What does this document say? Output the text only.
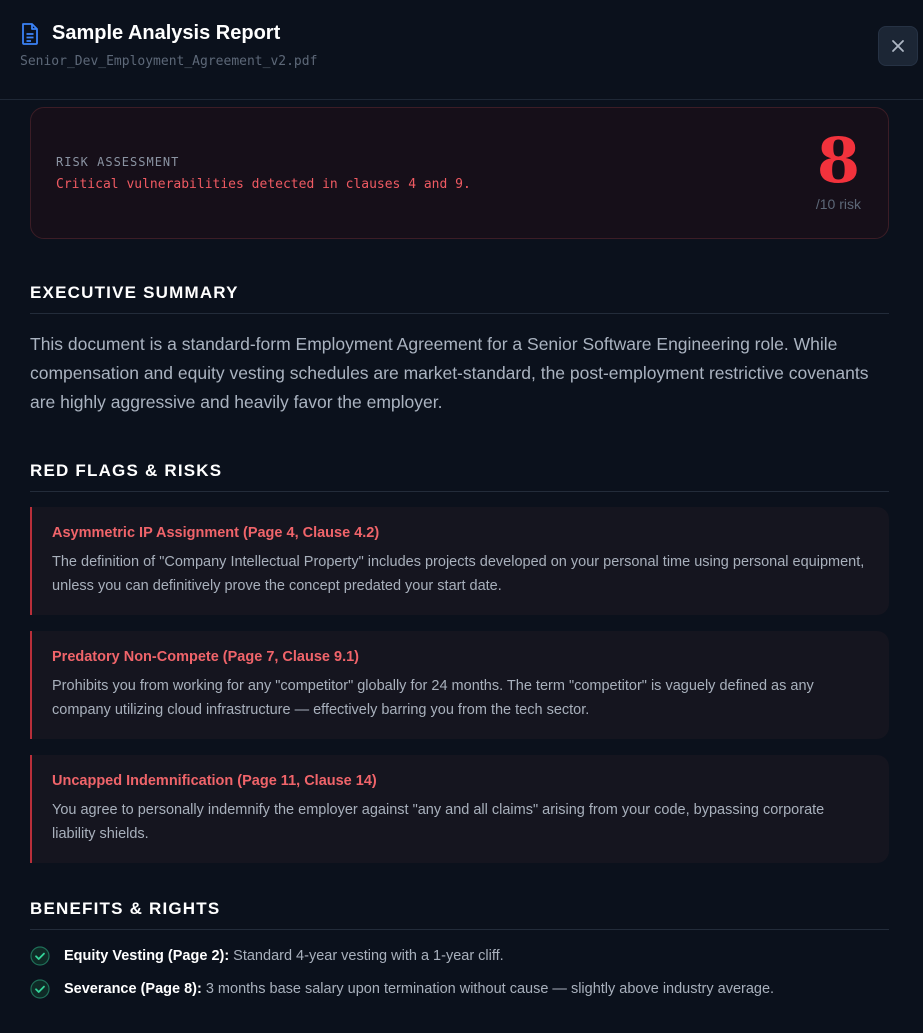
Sample Analysis Report
Senior_Dev_Employment_Agreement_v2.pdf
RISK ASSESSMENT
Critical vulnerabilities detected in clauses 4 and 9.	8
/10 risk
EXECUTIVE SUMMARY
This document is a standard-form Employment Agreement for a Senior Software Engineering role. While compensation and equity vesting schedules are market-standard, the post-employment restrictive covenants are highly aggressive and heavily favor the employer.
RED FLAGS & RISKS
Asymmetric IP Assignment (Page 4, Clause 4.2)
The definition of "Company Intellectual Property" includes projects developed on your personal time using personal equipment, unless you can definitively prove the concept predated your start date.
Predatory Non-Compete (Page 7, Clause 9.1)
Prohibits you from working for any "competitor" globally for 24 months. The term "competitor" is vaguely defined as any company utilizing cloud infrastructure — effectively barring you from the tech sector.
Uncapped Indemnification (Page 11, Clause 14)
You agree to personally indemnify the employer against "any and all claims" arising from your code, bypassing corporate liability shields.
BENEFITS & RIGHTS
Equity Vesting (Page 2): Standard 4-year vesting with a 1-year cliff.
Severance (Page 8): 3 months base salary upon termination without cause — slightly above industry average.
